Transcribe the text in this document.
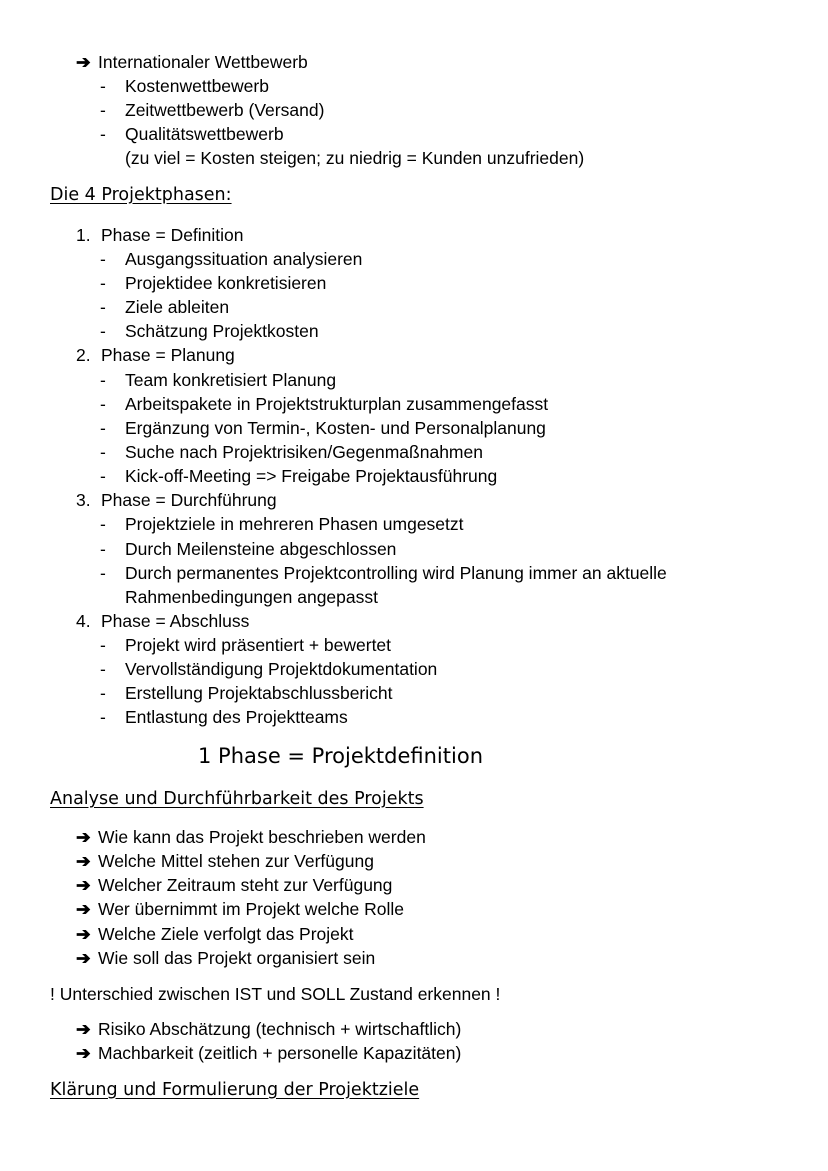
➔ Internationaler Wettbewerb
Kostenwettbewerb
-
Zeitwettbewerb (Versand)
-
Qualitätswettbewerb
-
(zu viel = Kosten steigen; zu niedrig = Kunden unzufrieden)
Die 4 Projektphasen:
1. Phase = Definition
- Ausgangssituation analysieren
- Projektidee konkretisieren
- Ziele ableiten
- Schätzung Projektkosten
2. Phase = Planung
- Team konkretisiert Planung
- Arbeitspakete in Projektstrukturplan zusammengefasst
- Ergänzung von Termin-, Kosten- und Personalplanung
- Suche nach Projektrisiken/Gegenmaßnahmen
- Kick-off-Meeting => Freigabe Projektausführung
3. Phase = Durchführung
- Projektziele in mehreren Phasen umgesetzt
- Durch Meilensteine abgeschlossen
- Durch permanentes Projektcontrolling wird Planung immer an aktuelle
Rahmenbedingungen angepasst
4. Phase = Abschluss
- Projekt wird präsentiert + bewertet
- Vervollständigung Projektdokumentation
- Erstellung Projektabschlussbericht
- Entlastung des Projektteams
1 Phase = Projektdefinition
Analyse und Durchführbarkeit des Projekts
➔ Wie kann das Projekt beschrieben werden
➔ Welche Mittel stehen zur Verfügung
➔ Welcher Zeitraum steht zur Verfügung
➔ Wer übernimmt im Projekt welche Rolle
➔ Welche Ziele verfolgt das Projekt
➔ Wie soll das Projekt organisiert sein
! Unterschied zwischen IST und SOLL Zustand erkennen !
➔ Risiko Abschätzung (technisch + wirtschaftlich)
➔ Machbarkeit (zeitlich + personelle Kapazitäten)
Klärung und Formulierung der Projektziele
